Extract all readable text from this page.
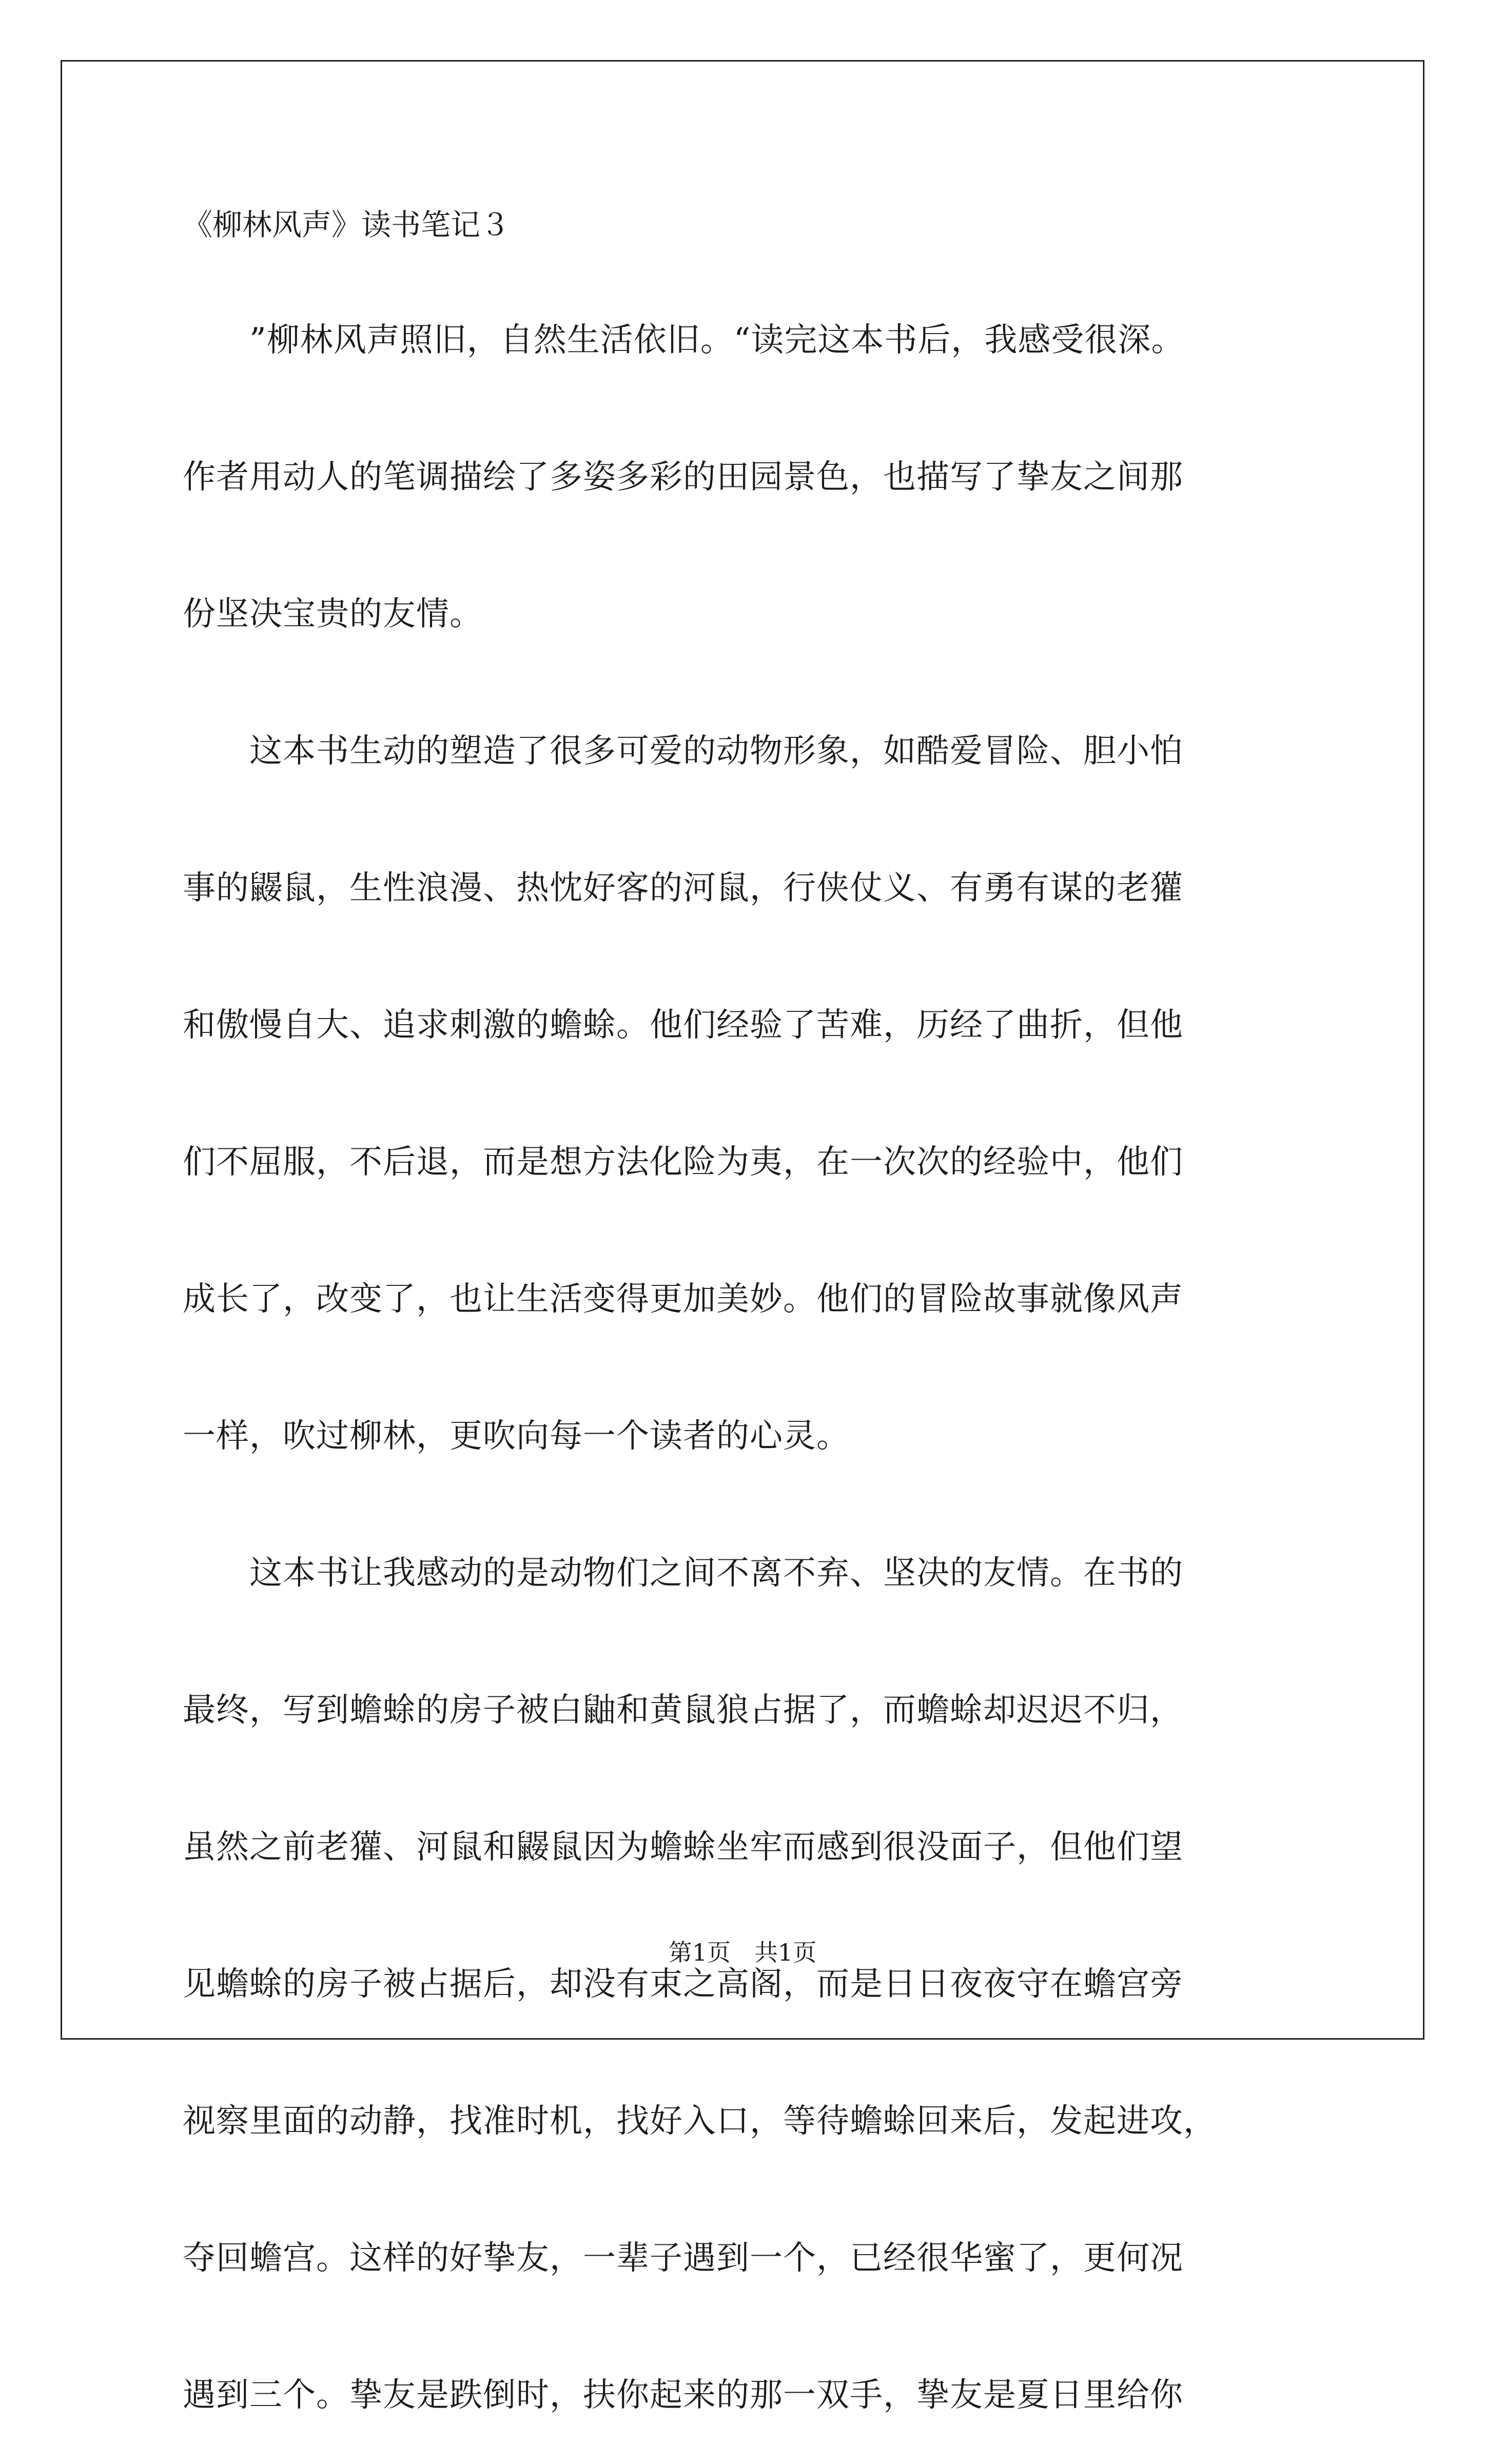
《柳林风声》读书笔记３
　　”柳林风声照旧，自然生活依旧。“读完这本书后，我感受很深。
作者用动人的笔调描绘了多姿多彩的田园景色，也描写了挚友之间那
份坚决宝贵的友情。
　　这本书生动的塑造了很多可爱的动物形象，如酷爱冒险、胆小怕
事的鼹鼠，生性浪漫、热忱好客的河鼠，行侠仗义、有勇有谋的老獾
和傲慢自大、追求刺激的蟾蜍。他们经验了苦难，历经了曲折，但他
们不屈服，不后退，而是想方法化险为夷，在一次次的经验中，他们
成长了，改变了，也让生活变得更加美妙。他们的冒险故事就像风声
一样，吹过柳林，更吹向每一个读者的心灵。
　　这本书让我感动的是动物们之间不离不弃、坚决的友情。在书的
最终，写到蟾蜍的房子被白鼬和黄鼠狼占据了，而蟾蜍却迟迟不归，
虽然之前老獾、河鼠和鼹鼠因为蟾蜍坐牢而感到很没面子，但他们望
见蟾蜍的房子被占据后，却没有束之高阁，而是日日夜夜守在蟾宫旁
视察里面的动静，找准时机，找好入口，等待蟾蜍回来后，发起进攻，
夺回蟾宫。这样的好挚友，一辈子遇到一个，已经很华蜜了，更何况
遇到三个。挚友是跌倒时，扶你起来的那一双手，挚友是夏日里给你
第1页　共1页
